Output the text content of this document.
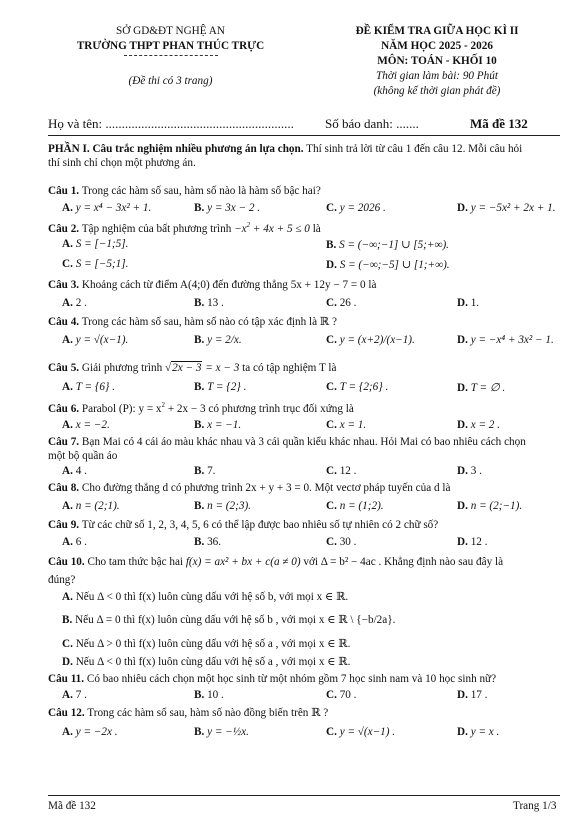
SỞ GD&ĐT NGHỆ AN
TRƯỜNG THPT PHAN THÚC TRỰC
(Đề thi có 3 trang)
ĐỀ KIỂM TRA GIỮA HỌC KÌ II
NĂM HỌC 2025 - 2026
MÔN: TOÁN - KHỐI 10
Thời gian làm bài: 90 Phút
(không kể thời gian phát đề)
Họ và tên: .......................................................... Số báo danh: .......	Mã đề 132
PHẦN I. Câu trắc nghiệm nhiều phương án lựa chọn. Thí sinh trả lời từ câu 1 đến câu 12. Mỗi câu hỏi
thí sinh chỉ chọn một phương án.
Câu 1. Trong các hàm số sau, hàm số nào là hàm số bậc hai?
A. y = x⁴ − 3x² + 1.	B. y = 3x − 2 .	C. y = 2026 .	D. y = −5x² + 2x + 1.
Câu 2. Tập nghiệm của bất phương trình $-x^2 + 4x + 5 \le 0$ là
A. S = [−1;5].	B. S = (−∞;−1] ∪ [5;+∞).
C. S = [−5;1].	D. S = (−∞;−5] ∪ [1;+∞).
Câu 3. Khoảng cách từ điểm A(4;0) đến đường thẳng 5x + 12y − 7 = 0 là
A. 2 .	B. 13 .	C. 26 .	D. 1.
Câu 4. Trong các hàm số sau, hàm số nào có tập xác định là ℝ ?
A. y = √(x−1).	B. y = 2/x.	C. y = (x+2)/(x−1).	D. y = −x⁴ + 3x² − 1.
Câu 5. Giải phương trình √2x − 3 = x − 3 ta có tập nghiệm T là
A. T = {6} .	B. T = {2} .	C. T = {2;6} .	D. T = ∅ .
Câu 6. Parabol (P): $y = x^2 + 2x - 3$ có phương trình trục đối xứng là
A. x = −2.	B. x = −1.	C. x = 1.	D. x = 2 .
Câu 7. Bạn Mai có 4 cái áo màu khác nhau và 3 cái quần kiểu khác nhau. Hỏi Mai có bao nhiêu cách chọn
một bộ quần áo
A. 4 .	B. 7.	C. 12 .	D. 3 .
Câu 8. Cho đường thẳng d có phương trình 2x + y + 3 = 0. Một vectơ pháp tuyến của d là
A. n = (2;1).	B. n = (2;3).	C. n = (1;2).	D. n = (2;−1).
Câu 9. Từ các chữ số 1, 2, 3, 4, 5, 6 có thể lập được bao nhiêu số tự nhiên có 2 chữ số?
A. 6 .	B. 36.	C. 30 .	D. 12 .
Câu 10. Cho tam thức bậc hai f(x) = ax² + bx + c(a ≠ 0) với Δ = b² − 4ac . Khẳng định nào sau đây là
đúng?
A. Nếu Δ < 0 thì f(x) luôn cùng dấu với hệ số b, với mọi x ∈ ℝ.
B. Nếu Δ = 0 thì f(x) luôn cùng dấu với hệ số b , với mọi x ∈ ℝ \ {−b/2a}.
C. Nếu Δ > 0 thì f(x) luôn cùng dấu với hệ số a , với mọi x ∈ ℝ.
D. Nếu Δ < 0 thì f(x) luôn cùng dấu với hệ số a , với mọi x ∈ ℝ.
Câu 11. Có bao nhiêu cách chọn một học sinh từ một nhóm gồm 7 học sinh nam và 10 học sinh nữ?
A. 7 .	B. 10 .	C. 70 .	D. 17 .
Câu 12. Trong các hàm số sau, hàm số nào đồng biến trên ℝ ?
A. y = −2x .	B. y = −½x.	C. y = √(x−1) .	D. y = x .
Mã đề 132	Trang 1/3
